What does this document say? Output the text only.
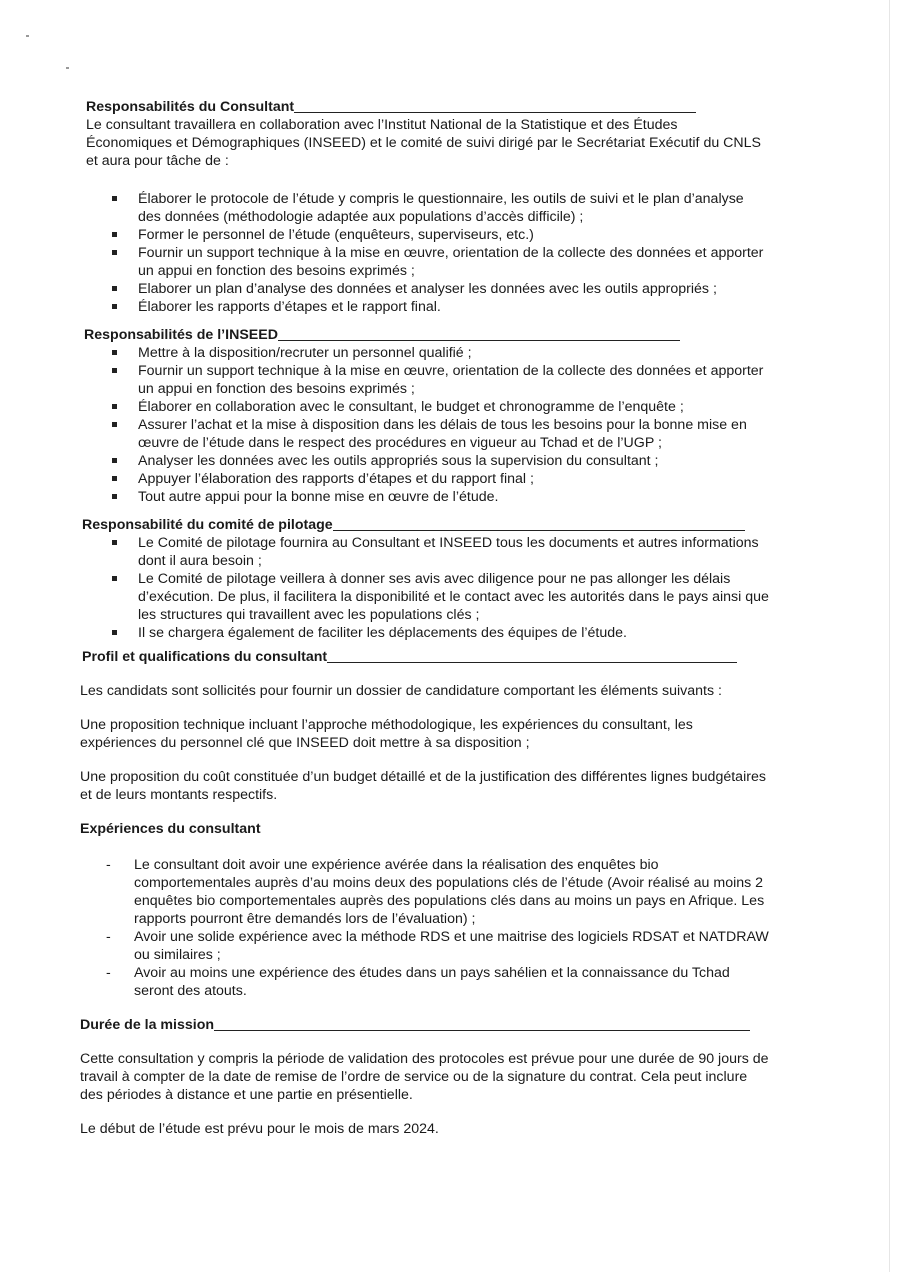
Responsabilités du Consultant

Le consultant travaillera en collaboration avec l’Institut National de la Statistique et des Études Économiques et Démographiques (INSEED) et le comité de suivi dirigé par le Secrétariat Exécutif du CNLS et aura pour tâche de :

Élaborer le protocole de l’étude y compris le questionnaire, les outils de suivi et le plan d’analyse des données (méthodologie adaptée aux populations d’accès difficile) ;
Former le personnel de l’étude (enquêteurs, superviseurs, etc.)
Fournir un support technique à la mise en œuvre, orientation de la collecte des données et apporter un appui en fonction des besoins exprimés ;
Elaborer un plan d’analyse des données et analyser les données avec les outils appropriés ;
Élaborer les rapports d’étapes et le rapport final.
Responsabilités de l’INSEED
Mettre à la disposition/recruter un personnel qualifié ;
Fournir un support technique à la mise en œuvre, orientation de la collecte des données et apporter un appui en fonction des besoins exprimés ;
Élaborer en collaboration avec le consultant, le budget et chronogramme de l’enquête ;
Assurer l’achat et la mise à disposition dans les délais de tous les besoins pour la bonne mise en œuvre de l’étude dans le respect des procédures en vigueur au Tchad et de l’UGP ;
Analyser les données avec les outils appropriés sous la supervision du consultant ;
Appuyer l’élaboration des rapports d’étapes et du rapport final ;
Tout autre appui pour la bonne mise en œuvre de l’étude.
Responsabilité du comité de pilotage
Le Comité de pilotage fournira au Consultant et INSEED tous les documents et autres informations dont il aura besoin ;
Le Comité de pilotage veillera à donner ses avis avec diligence pour ne pas allonger les délais d’exécution. De plus, il facilitera la disponibilité et le contact avec les autorités dans le pays ainsi que les structures qui travaillent avec les populations clés ;
Il se chargera également de faciliter les déplacements des équipes de l’étude.
Profil et qualifications du consultant

Les candidats sont sollicités pour fournir un dossier de candidature comportant les éléments suivants :

Une proposition technique incluant l’approche méthodologique, les expériences du consultant, les expériences du personnel clé que INSEED doit mettre à sa disposition ;

Une proposition du coût constituée d’un budget détaillé et de la justification des différentes lignes budgétaires et de leurs montants respectifs.

Expériences du consultant
- Le consultant doit avoir une expérience avérée dans la réalisation des enquêtes bio comportementales auprès d’au moins deux des populations clés de l’étude (Avoir réalisé au moins 2 enquêtes bio comportementales auprès des populations clés dans au moins un pays en Afrique. Les rapports pourront être demandés lors de l’évaluation) ;
- Avoir une solide expérience avec la méthode RDS et une maitrise des logiciels RDSAT et NATDRAW ou similaires ;
- Avoir au moins une expérience des études dans un pays sahélien et la connaissance du Tchad seront des atouts.
Durée de la mission

Cette consultation y compris la période de validation des protocoles est prévue pour une durée de 90 jours de travail à compter de la date de remise de l’ordre de service ou de la signature du contrat. Cela peut inclure des périodes à distance et une partie en présentielle.

Le début de l’étude est prévu pour le mois de mars 2024.
